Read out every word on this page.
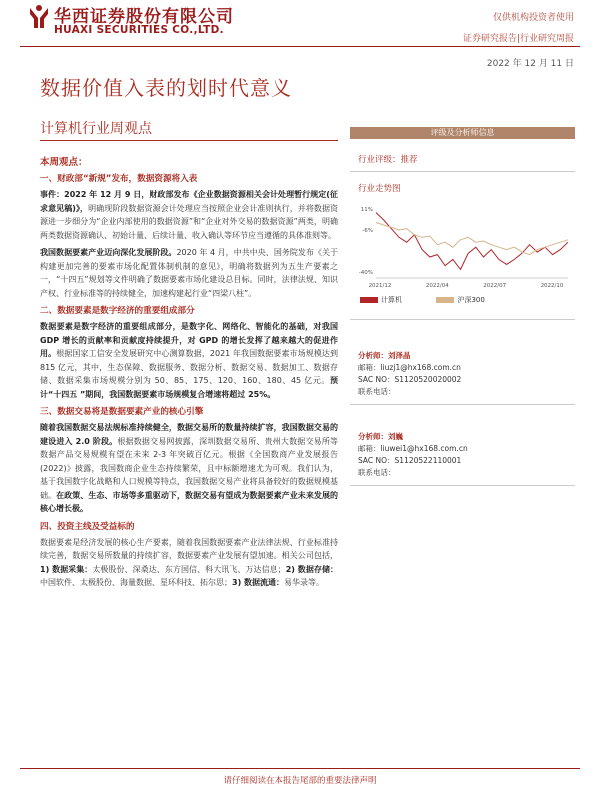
华西证券股份有限公司
HUAXI SECURITIES CO.,LTD.
仅供机构投资者使用
证券研究报告|行业研究周报
2022 年 12 月 11 日
数据价值入表的划时代意义
计算机行业周观点
本周观点：
一、财政部“新规”发布，数据资源将入表

事件：2022 年 12 月 9 日，财政部发布《企业数据资源相关会计处理暂行规定(征求意见稿)》，明确现阶段数据资源会计处理应当按照企业会计准则执行，并将数据资源进一步细分为“企业内部使用的数据资源”和“企业对外交易的数据资源”两类，明确两类数据资源确认、初始计量、后续计量、收入确认等环节应当遵循的具体准则等。

我国数据要素产业迈向深化发展阶段。2020 年 4 月，中共中央、国务院发布《关于构建更加完善的要素市场化配置体制机制的意见》，明确将数据列为五生产要素之一，“十四五”规划等文件明确了数据要素市场化建设总目标。同时，法律法规、知识产权、行业标准等的持续健全，加速构建起行业“四梁八柱”。

二、数据要素是数字经济的重要组成部分

数据要素是数字经济的重要组成部分，是数字化、网络化、智能化的基础，对我国 GDP 增长的贡献率和贡献度持续提升，对 GPD 的增长发挥了越来越大的促进作用。根据国家工信安全发展研究中心测算数据，2021 年我国数据要素市场规模达到 815 亿元，其中，生态保障、数据服务、数据分析、数据交易、数据加工、数据存储、数据采集市场规模分别为 50、85、175、120、160、180、45 亿元。预计“十四五 ”期间，我国数据要素市场规模复合增速将超过 25%。

三、数据交易将是数据要素产业的核心引擎

随着我国数据交易法规标准持续健全，数据交易所的数量持续扩容，我国数据交易的建设进入 2.0 阶段。根据数据交易网披露，深圳数据交易所、贵州大数据交易所等数据产品交易规模有望在未来 2-3 年突破百亿元。根据《全国数商产业发展报告(2022)》披露，我国数商企业生态持续繁荣，且中标额增速尤为可观。我们认为，基于我国数字化战略和人口规模等特点，我国数据交易产业将具备较好的数据规模基础。在政策、生态、市场等多重驱动下，数据交易有望成为数据要素产业未来发展的核心增长极。

四、投资主线及受益标的

数据要素是经济发展的核心生产要素，随着我国数据要素产业法律法规、行业标准持续完善，数据交易所数量的持续扩容，数据要素产业发展有望加速。相关公司包括，1) 数据采集：太极股份、深桑达、东方国信、科大讯飞、万达信息；2) 数据存储：中国软件、太极股份、海量数据、星环科技、拓尔思；3) 数据流通：易华录等。

评级及分析师信息
行业评级：推荐
行业走势图
11%
-6%
-40%
2021/12	2022/04	2022/07	2022/10
计算机	沪深300
分析师：刘泽晶
邮箱：liuzj1@hx168.com.cn
SAC NO：S1120520020002
联系电话：
分析师：刘巍
邮箱：liuwei1@hx168.com.cn
SAC NO：S1120522110001
联系电话：
请仔细阅读在本报告尾部的重要法律声明
